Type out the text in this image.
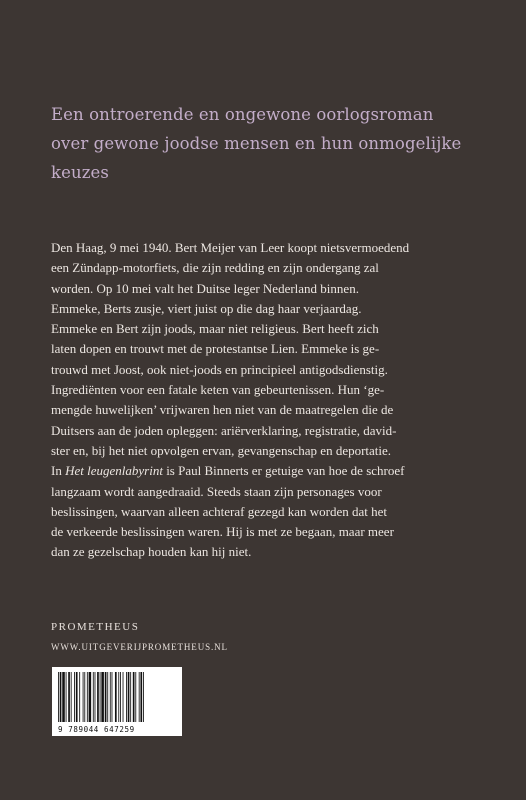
Een ontroerende en ongewone oorlogsroman
over gewone joodse mensen en hun onmogelijke
keuzes
Den Haag, 9 mei 1940. Bert Meijer van Leer koopt nietsvermoedend
een Zündapp-motorfiets, die zijn redding en zijn ondergang zal
worden. Op 10 mei valt het Duitse leger Nederland binnen.
Emmeke, Berts zusje, viert juist op die dag haar verjaardag.
Emmeke en Bert zijn joods, maar niet religieus. Bert heeft zich
laten dopen en trouwt met de protestantse Lien. Emmeke is ge-
trouwd met Joost, ook niet-joods en principieel antigodsdienstig.
Ingrediënten voor een fatale keten van gebeurtenissen. Hun ‘ge-
mengde huwelijken’ vrijwaren hen niet van de maatregelen die de
Duitsers aan de joden opleggen: ariërverklaring, registratie, david-
ster en, bij het niet opvolgen ervan, gevangenschap en deportatie.
In Het leugenlabyrint is Paul Binnerts er getuige van hoe de schroef
langzaam wordt aangedraaid. Steeds staan zijn personages voor
beslissingen, waarvan alleen achteraf gezegd kan worden dat het
de verkeerde beslissingen waren. Hij is met ze begaan, maar meer
dan ze gezelschap houden kan hij niet.
PROMETHEUS
WWW.UITGEVERIJPROMETHEUS.NL
9 789044 647259
